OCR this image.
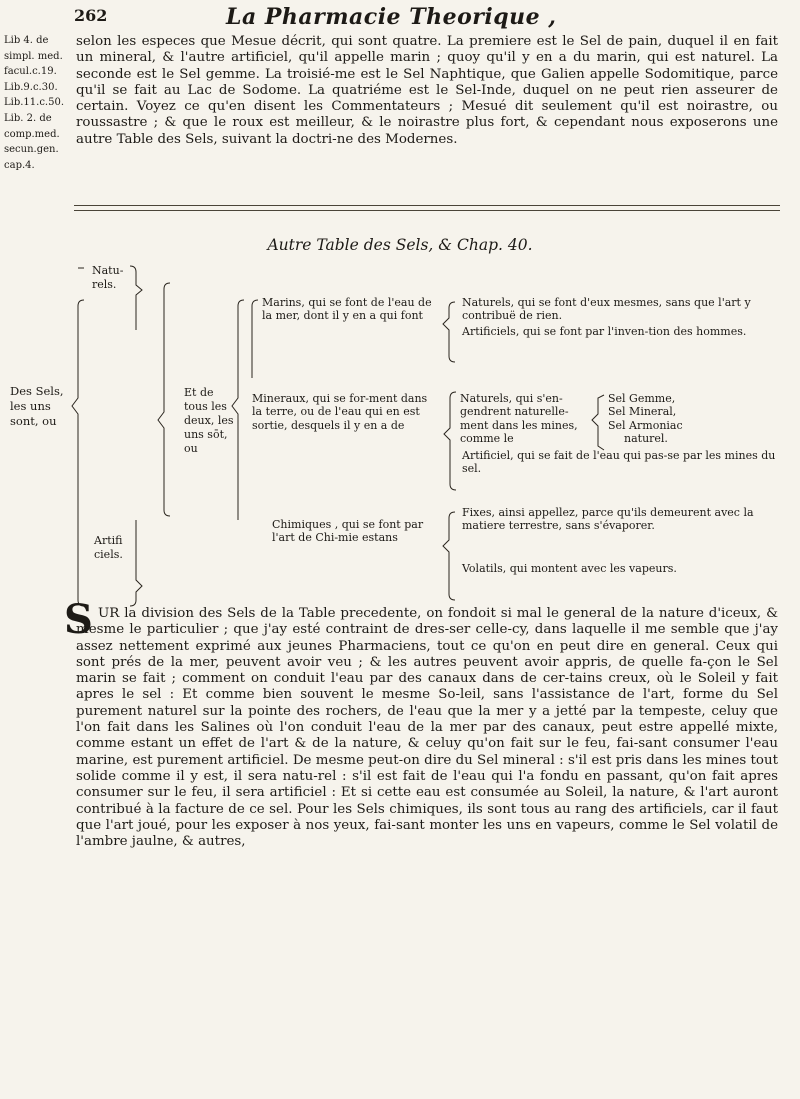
262	La Pharmacie Theorique ,
Lib 4. de
simpl. med.
facul.c.19.
Lib.9.c.30.
Lib.11.c.50.
Lib. 2. de
comp.med.
secun.gen.
cap.4.

selon les especes que Mesue décrit, qui sont quatre. La premiere est le Sel de pain, duquel il en fait un mineral, & l'autre artificiel, qu'il appelle marin ; quoy qu'il y en a du marin, qui est naturel. La seconde est le Sel gemme. La troisié-me est le Sel Naphtique, que Galien appelle Sodomitique, parce qu'il se fait au Lac de Sodome. La quatriéme est le Sel-Inde, duquel on ne peut rien asseurer de certain. Voyez ce qu'en disent les Commentateurs ; Mesué dit seulement qu'il est noirastre, ou roussastre ; & que le roux est meilleur, & le noirastre plus fort, & cependant nous exposerons une autre Table des Sels, suivant la doctri-ne des Modernes.

Autre Table des Sels, & Chap. 40.
Natu-rels.
Des Sels, les uns sont, ou
Artifi ciels.
Et de tous les deux, les uns sōt, ou
Marins, qui se font de l'eau de la mer, dont il y en a qui font
Naturels, qui se font d'eux mesmes, sans que l'art y contribuë de rien.
Artificiels, qui se font par l'inven-tion des hommes.
Mineraux, qui se for-ment dans la terre, ou de l'eau qui en est sortie, desquels il y en a de
Naturels, qui s'en-gendrent naturelle-ment dans les mines, comme le
Sel Gemme,
Sel Mineral,
Sel Armoniac
naturel.
Artificiel, qui se fait de l'eau qui pas-se par les mines du sel.
Chimiques , qui se font par l'art de Chi-mie estans
Fixes, ainsi appellez, parce qu'ils demeurent avec la matiere terrestre, sans s'évaporer.
Volatils, qui montent avec les vapeurs.
S UR la division des Sels de la Table precedente, on fondoit si mal le general de la nature d'iceux, & mesme le particulier ; que j'ay esté contraint de dres-ser celle-cy, dans laquelle il me semble que j'ay assez nettement exprimé aux jeunes Pharmaciens, tout ce qu'on en peut dire en general. Ceux qui sont prés de la mer, peuvent avoir veu ; & les autres peuvent avoir appris, de quelle fa-çon le Sel marin se fait ; comment on conduit l'eau par des canaux dans de cer-tains creux, où le Soleil y fait apres le sel : Et comme bien souvent le mesme So-leil, sans l'assistance de l'art, forme du Sel purement naturel sur la pointe des rochers, de l'eau que la mer y a jetté par la tempeste, celuy que l'on fait dans les Salines où l'on conduit l'eau de la mer par des canaux, peut estre appellé mixte, comme estant un effet de l'art & de la nature, & celuy qu'on fait sur le feu, fai-sant consumer l'eau marine, est purement artificiel. De mesme peut-on dire du Sel mineral : s'il est pris dans les mines tout solide comme il y est, il sera natu-rel : s'il est fait de l'eau qui l'a fondu en passant, qu'on fait apres consumer sur le feu, il sera artificiel : Et si cette eau est consumée au Soleil, la nature, & l'art auront contribué à la facture de ce sel. Pour les Sels chimiques, ils sont tous au rang des artificiels, car il faut que l'art joué, pour les exposer à nos yeux, fai-sant monter les uns en vapeurs, comme le Sel volatil de l'ambre jaulne, & autres,
